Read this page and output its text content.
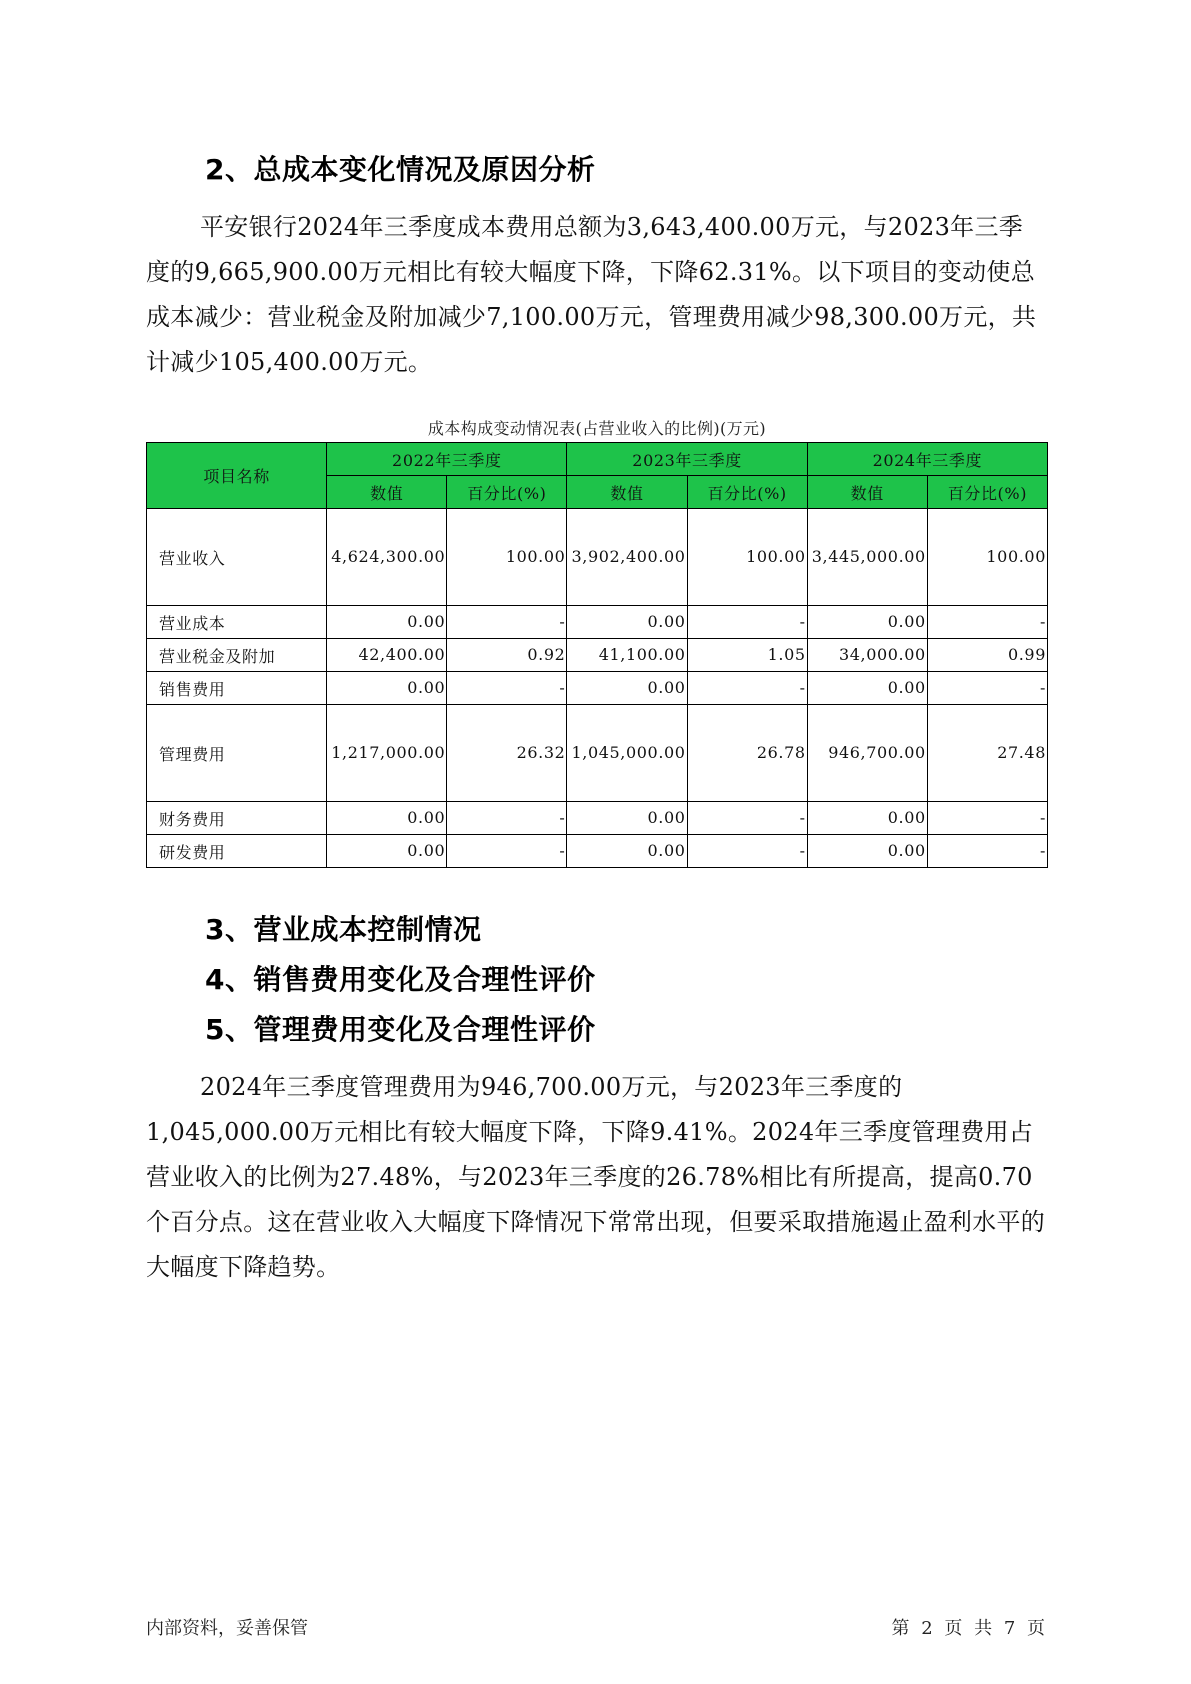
2、总成本变化情况及原因分析

平安银行2024年三季度成本费用总额为3,643,400.00万元，与2023年三季度的9,665,900.00万元相比有较大幅度下降，下降62.31%。以下项目的变动使总成本减少：营业税金及附加减少7,100.00万元，管理费用减少98,300.00万元，共计减少105,400.00万元。

成本构成变动情况表(占营业收入的比例)(万元)
项目名称	2022年三季度		2023年三季度		2024年三季度	
	数值	百分比(%)	数值	百分比(%)	数值	百分比(%)
营业收入	4,624,300.00	100.00	3,902,400.00	100.00	3,445,000.00	100.00
营业成本	0.00	-	0.00	-	0.00	-
营业税金及附加	42,400.00	0.92	41,100.00	1.05	34,000.00	0.99
销售费用	0.00	-	0.00	-	0.00	-
管理费用	1,217,000.00	26.32	1,045,000.00	26.78	946,700.00	27.48
财务费用	0.00	-	0.00	-	0.00	-
研发费用	0.00	-	0.00	-	0.00	-
3、营业成本控制情况
4、销售费用变化及合理性评价
5、管理费用变化及合理性评价

2024年三季度管理费用为946,700.00万元，与2023年三季度的1,045,000.00万元相比有较大幅度下降，下降9.41%。2024年三季度管理费用占营业收入的比例为27.48%，与2023年三季度的26.78%相比有所提高，提高0.70个百分点。这在营业收入大幅度下降情况下常常出现，但要采取措施遏止盈利水平的大幅度下降趋势。

内部资料，妥善保管	第 2 页 共 7 页
